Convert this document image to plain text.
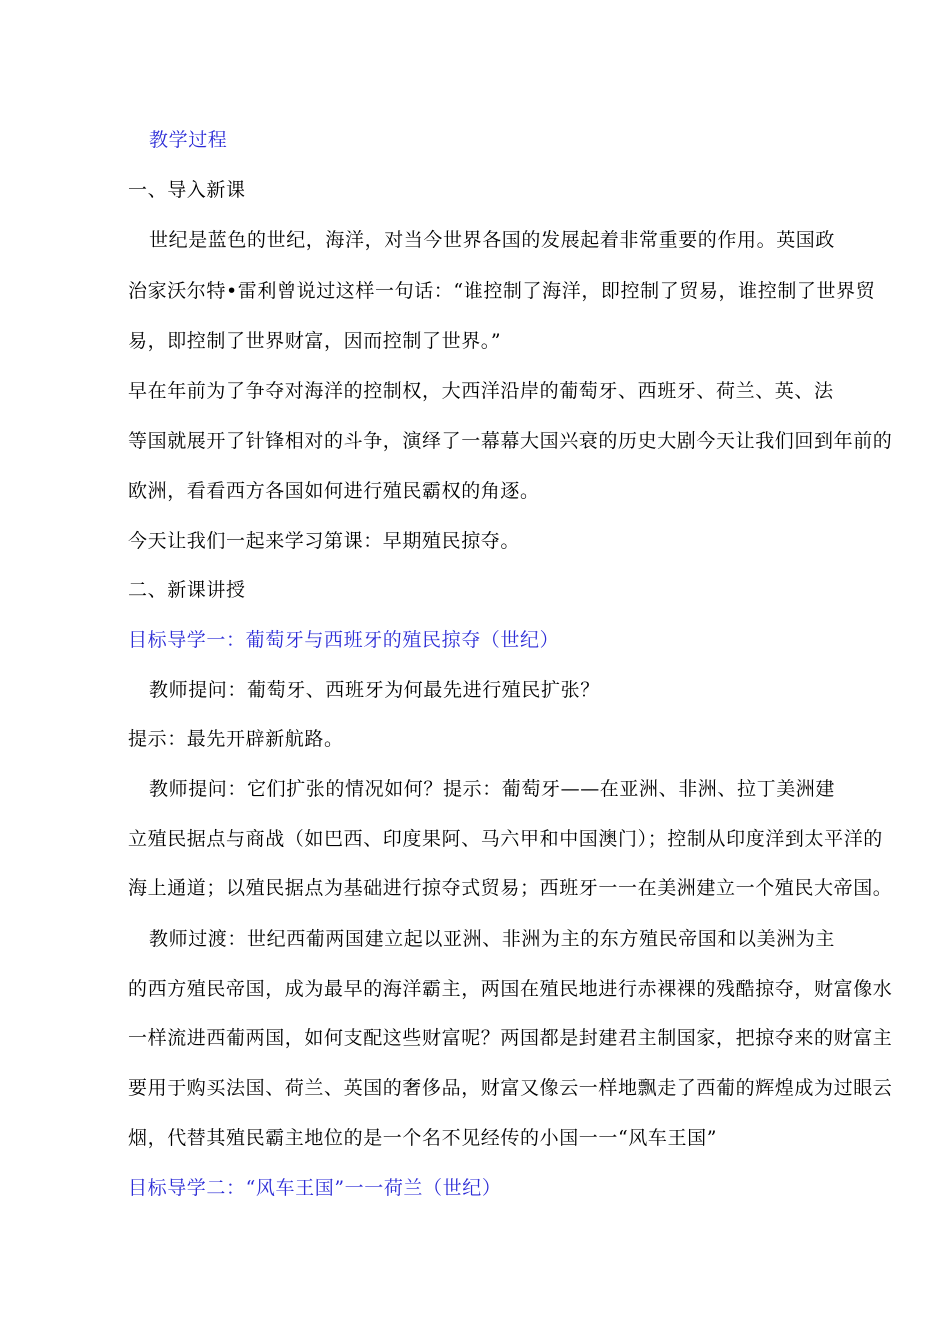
教学过程
一、导入新课
世纪是蓝色的世纪，海洋，对当今世界各国的发展起着非常重要的作用。英国政
治家沃尔特•雷利曾说过这样一句话：“谁控制了海洋，即控制了贸易，谁控制了世界贸
易，即控制了世界财富，因而控制了世界。”
早在年前为了争夺对海洋的控制权，大西洋沿岸的葡萄牙、西班牙、荷兰、英、法
等国就展开了针锋相对的斗争，演绎了一幕幕大国兴衰的历史大剧今天让我们回到年前的
欧洲，看看西方各国如何进行殖民霸权的角逐。
今天让我们一起来学习第课：早期殖民掠夺。
二、新课讲授
目标导学一：葡萄牙与西班牙的殖民掠夺（世纪）
教师提问：葡萄牙、西班牙为何最先进行殖民扩张？
提示：最先开辟新航路。
教师提问：它们扩张的情况如何？提示：葡萄牙——在亚洲、非洲、拉丁美洲建
立殖民据点与商战（如巴西、印度果阿、马六甲和中国澳门）；控制从印度洋到太平洋的
海上通道；以殖民据点为基础进行掠夺式贸易；西班牙一一在美洲建立一个殖民大帝国。
教师过渡：世纪西葡两国建立起以亚洲、非洲为主的东方殖民帝国和以美洲为主
的西方殖民帝国，成为最早的海洋霸主，两国在殖民地进行赤裸裸的残酷掠夺，财富像水
一样流进西葡两国，如何支配这些财富呢？两国都是封建君主制国家，把掠夺来的财富主
要用于购买法国、荷兰、英国的奢侈品，财富又像云一样地飘走了西葡的辉煌成为过眼云
烟，代替其殖民霸主地位的是一个名不见经传的小国一一“风车王国”
目标导学二：“风车王国”一一荷兰（世纪）
